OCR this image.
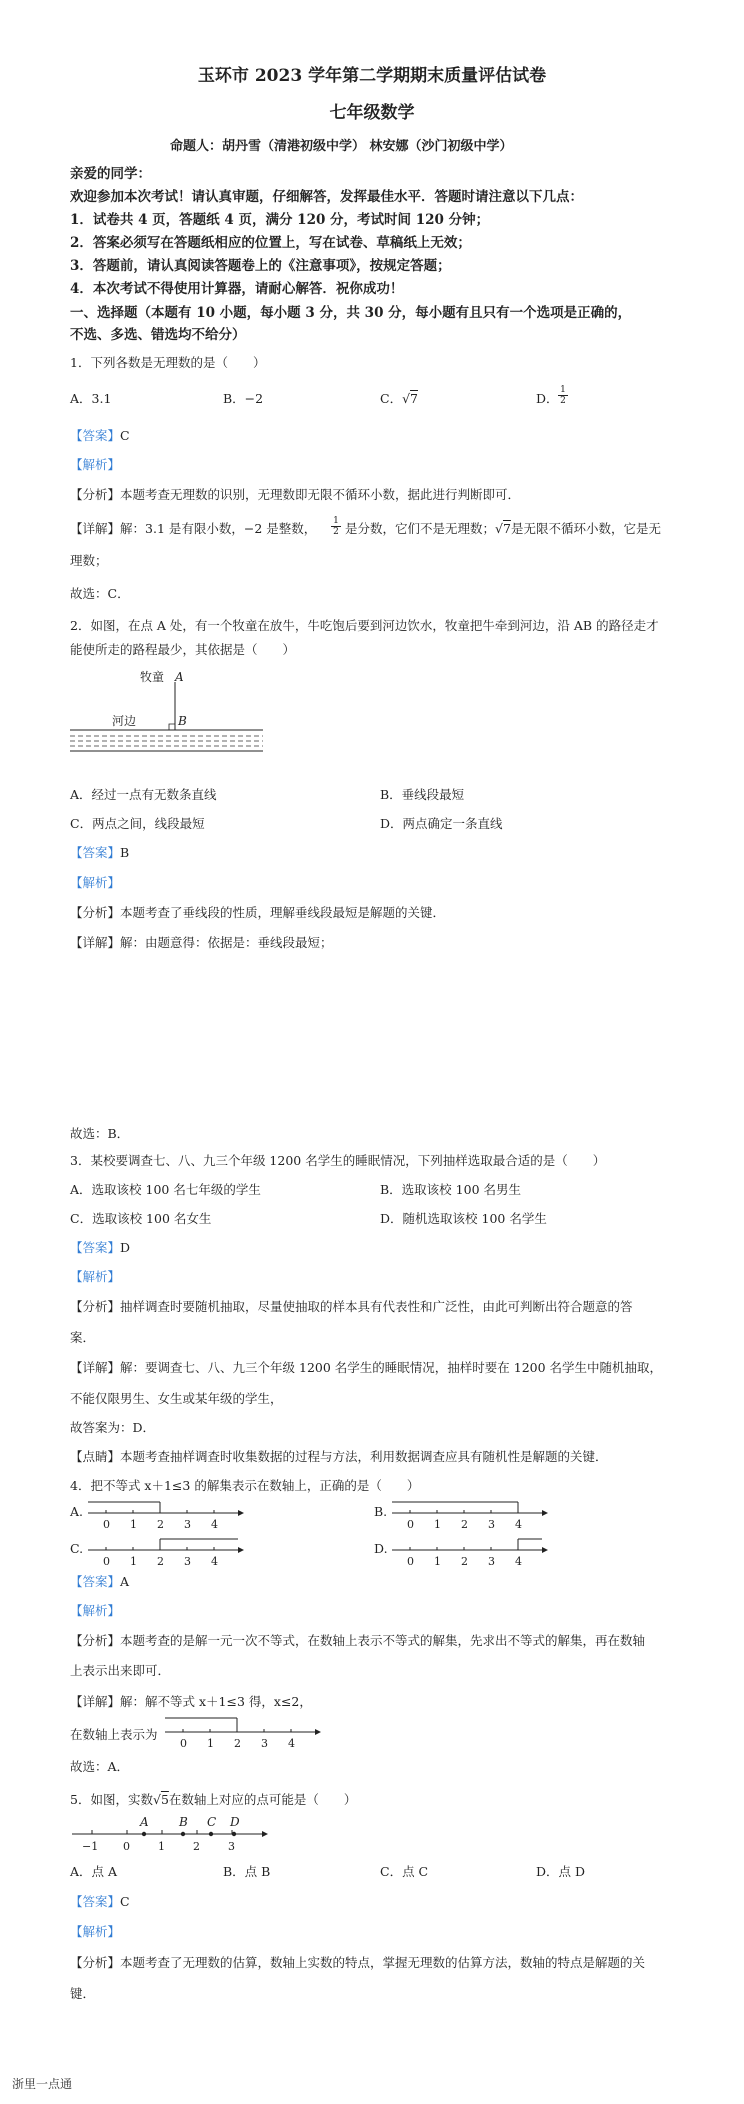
玉环市 2023 学年第二学期期末质量评估试卷
七年级数学
命题人：胡丹雪（清港初级中学） 林安娜（沙门初级中学）
亲爱的同学：
欢迎参加本次考试！请认真审题，仔细解答，发挥最佳水平．答题时请注意以下几点：
1．试卷共 4 页，答题纸 4 页，满分 120 分，考试时间 120 分钟；
2．答案必须写在答题纸相应的位置上，写在试卷、草稿纸上无效；
3．答题前，请认真阅读答题卷上的《注意事项》，按规定答题；
4．本次考试不得使用计算器，请耐心解答．祝你成功！
一、选择题（本题有 10 小题，每小题 3 分，共 30 分，每小题有且只有一个选项是正确的，
不选、多选、错选均不给分）
1．下列各数是无理数的是（　　）
A．3.1	B．−2	C．√7	D． $\frac{1}{2}$
【答案】C
【解析】
【分析】本题考查无理数的识别，无理数即无限不循环小数，据此进行判断即可．
【详解】解：3.1 是有限小数，−2 是整数， $\frac{1}{2}$ 是分数，它们不是无理数；√7是无限不循环小数，它是无
理数；
故选：C．
2．如图，在点 A 处，有一个牧童在放牛，牛吃饱后要到河边饮水，牧童把牛牵到河边，沿 AB 的路径走才
能使所走的路程最少，其依据是（　　）
牧童 A
河边	B
A．经过一点有无数条直线	B．垂线段最短
C．两点之间，线段最短	D．两点确定一条直线
【答案】B
【解析】
【分析】本题考查了垂线段的性质，理解垂线段最短是解题的关键．
【详解】解：由题意得：依据是：垂线段最短；
故选：B．
3．某校要调查七、八、九三个年级 1200 名学生的睡眠情况，下列抽样选取最合适的是（　　）
A．选取该校 100 名七年级的学生	B．选取该校 100 名男生
C．选取该校 100 名女生	D．随机选取该校 100 名学生
【答案】D
【解析】
【分析】抽样调查时要随机抽取，尽量使抽取的样本具有代表性和广泛性，由此可判断出符合题意的答
案．
【详解】解：要调查七、八、九三个年级 1200 名学生的睡眠情况，抽样时要在 1200 名学生中随机抽取，
不能仅限男生、女生或某年级的学生，
故答案为：D．
【点睛】本题考查抽样调查时收集数据的过程与方法，利用数据调查应具有随机性是解题的关键．
4．把不等式 x＋1≤3 的解集表示在数轴上，正确的是（　　）
A.
0 1 2 3 4
B.
0 1 2 3 4
C.
0 1 2 3 4
D.
0 1 2 3 4
【答案】A
【解析】
【分析】本题考查的是解一元一次不等式，在数轴上表示不等式的解集，先求出不等式的解集，再在数轴
上表示出来即可．
【详解】解：解不等式 x＋1≤3 得，x≤2，
在数轴上表示为
0 1 2 3 4
故选：A．
5．如图，实数√5在数轴上对应的点可能是（　　）
A	B C D
−1 0	1	2	3
A．点 A	B．点 B	C．点 C	D．点 D
【答案】C
【解析】
【分析】本题考查了无理数的估算，数轴上实数的特点，掌握无理数的估算方法，数轴的特点是解题的关
键．
浙里一点通
